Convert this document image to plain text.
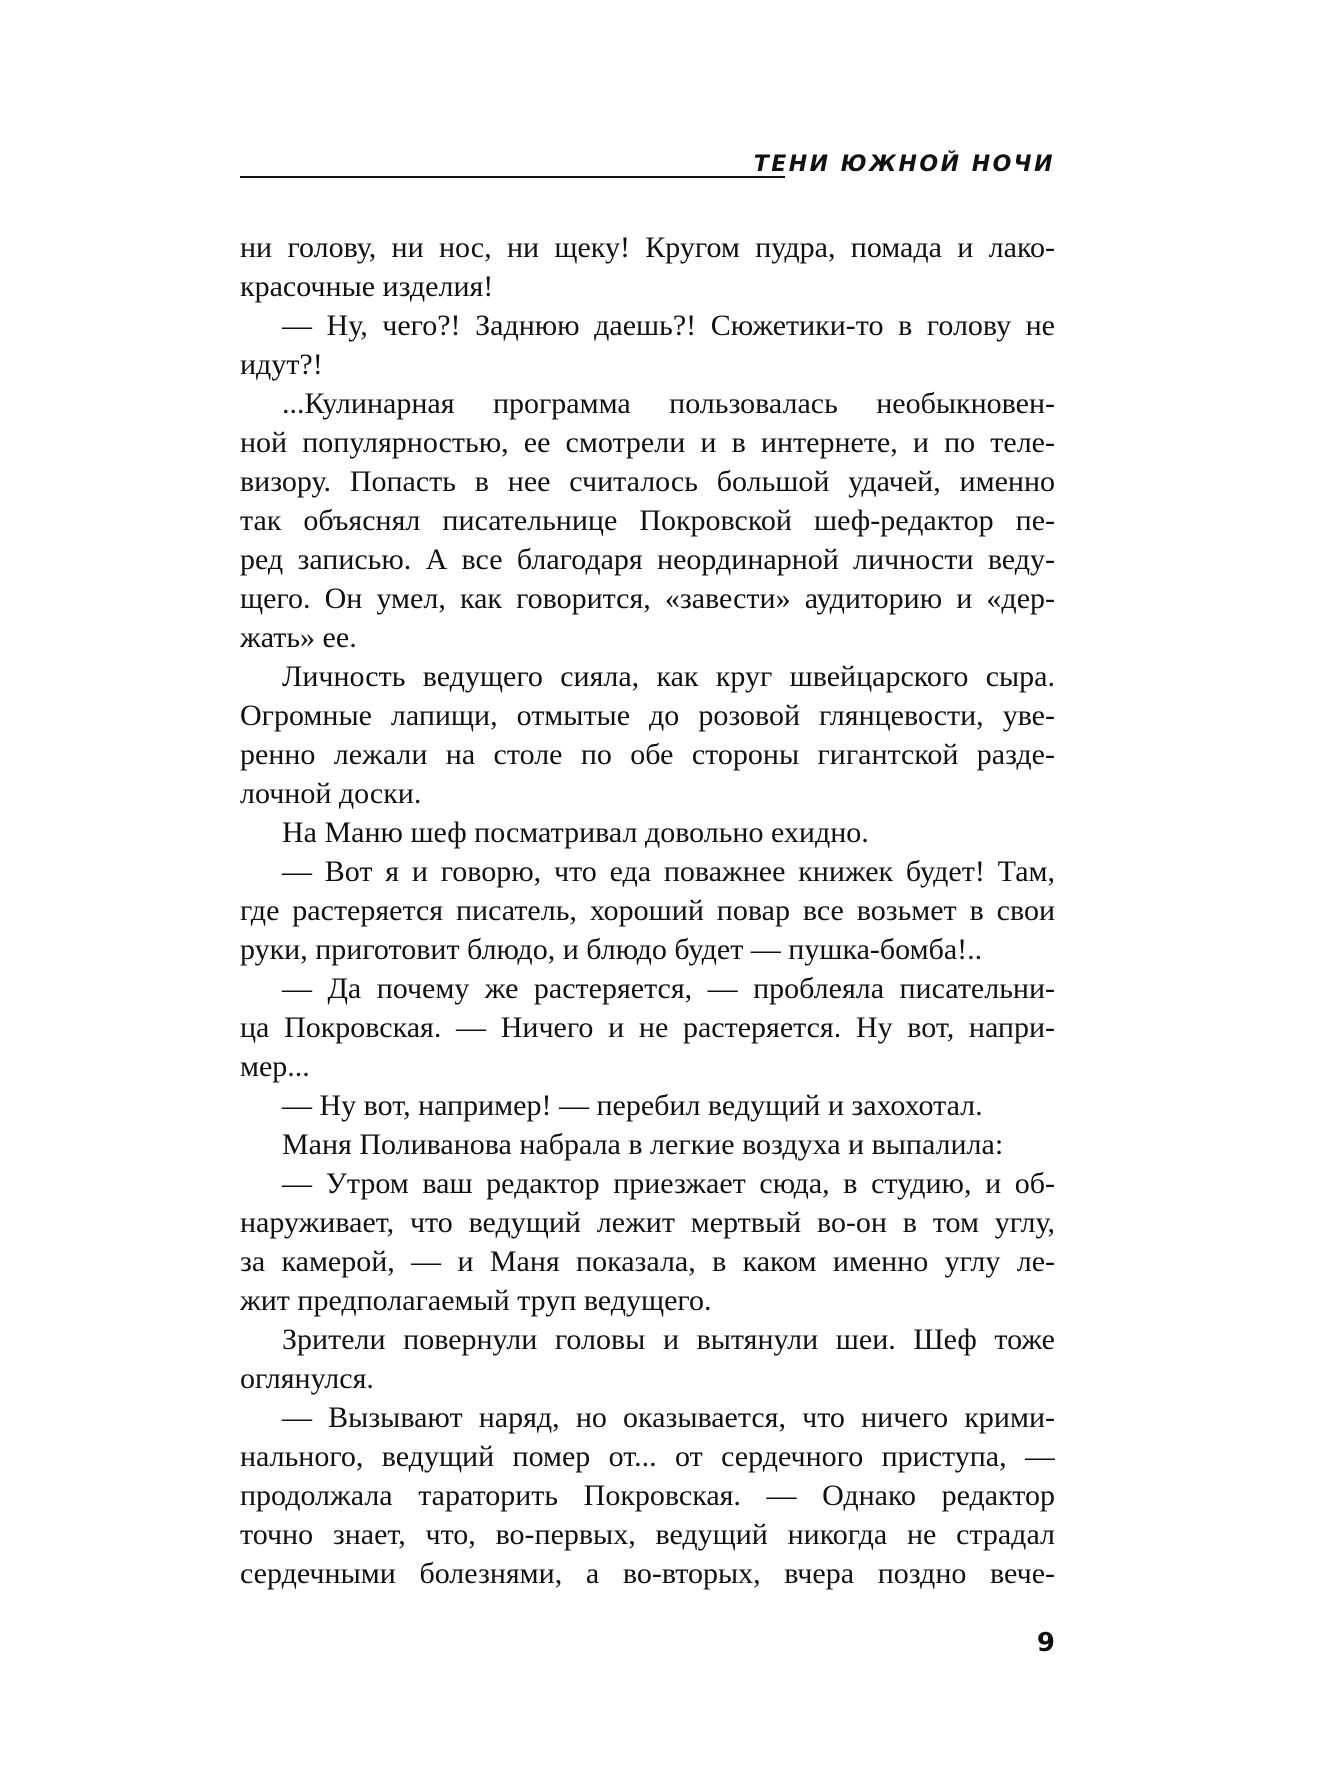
ТЕНИ ЮЖНОЙ НОЧИ
ни голову, ни нос, ни щеку! Кругом пудра, помада и лако-
красочные изделия!
— Ну, чего?! Заднюю даешь?! Сюжетики-то в голову не
идут?!
...Кулинарная программа пользовалась необыкновен-
ной популярностью, ее смотрели и в интернете, и по теле-
визору. Попасть в нее считалось большой удачей, именно
так объяснял писательнице Покровской шеф-редактор пе-
ред записью. А все благодаря неординарной личности веду-
щего. Он умел, как говорится, «завести» аудиторию и «дер-
жать» ее.
Личность ведущего сияла, как круг швейцарского сыра.
Огромные лапищи, отмытые до розовой глянцевости, уве-
ренно лежали на столе по обе стороны гигантской разде-
лочной доски.
На Маню шеф посматривал довольно ехидно.
— Вот я и говорю, что еда поважнее книжек будет! Там,
где растеряется писатель, хороший повар все возьмет в свои
руки, приготовит блюдо, и блюдо будет — пушка-бомба!..
— Да почему же растеряется, — проблеяла писательни-
ца Покровская. — Ничего и не растеряется. Ну вот, напри-
мер...
— Ну вот, например! — перебил ведущий и захохотал.
Маня Поливанова набрала в легкие воздуха и выпалила:
— Утром ваш редактор приезжает сюда, в студию, и об-
наруживает, что ведущий лежит мертвый во-он в том углу,
за камерой, — и Маня показала, в каком именно углу ле-
жит предполагаемый труп ведущего.
Зрители повернули головы и вытянули шеи. Шеф тоже
оглянулся.
— Вызывают наряд, но оказывается, что ничего крими-
нального, ведущий помер от... от сердечного приступа, —
продолжала тараторить Покровская. — Однако редактор
точно знает, что, во-первых, ведущий никогда не страдал
сердечными болезнями, а во-вторых, вчера поздно вече-
9
